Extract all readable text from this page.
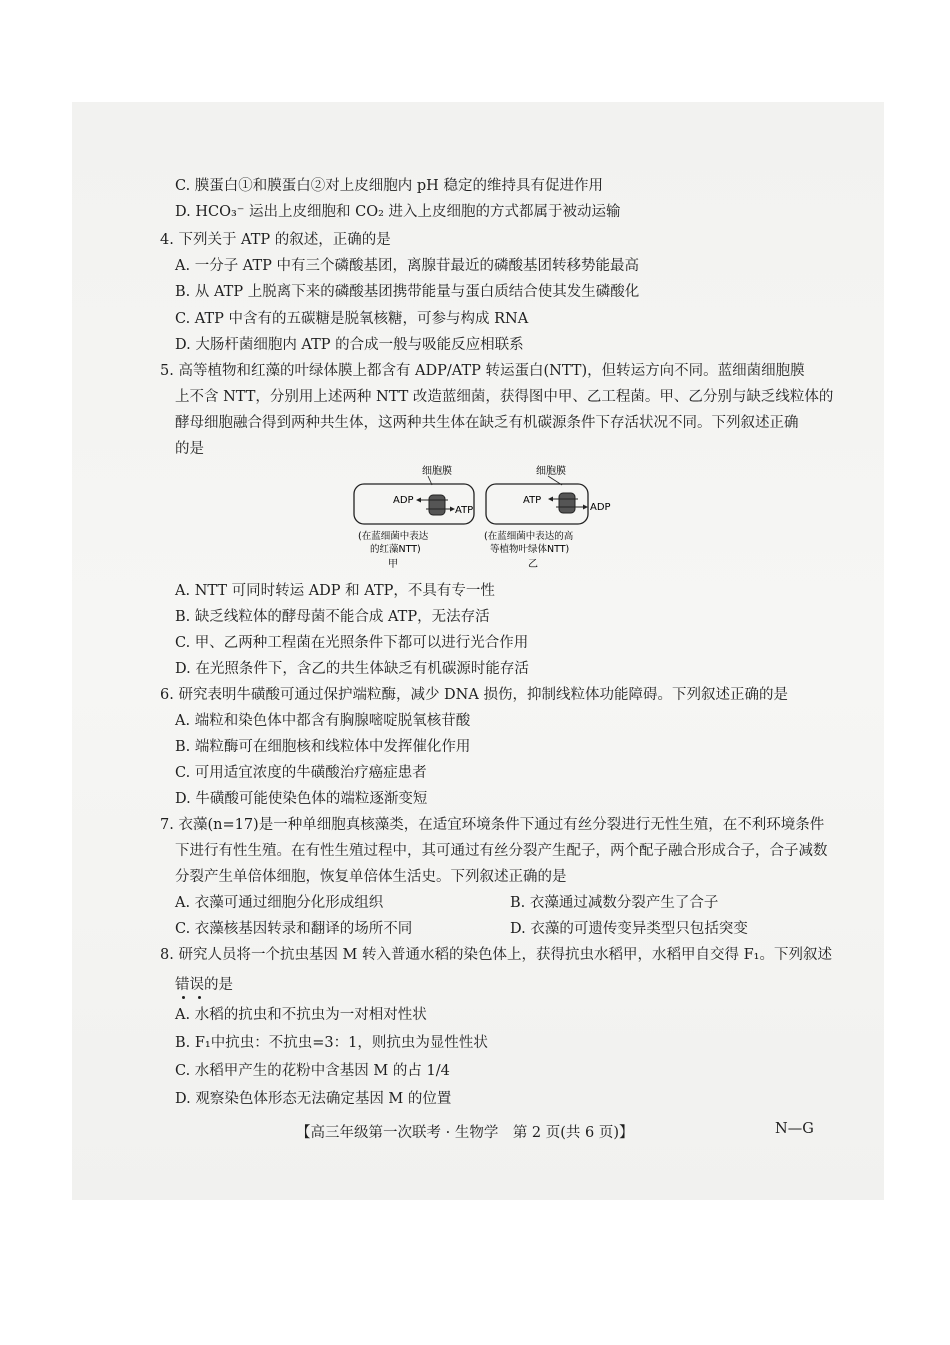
C. 膜蛋白①和膜蛋白②对上皮细胞内 pH 稳定的维持具有促进作用
D. HCO₃⁻ 运出上皮细胞和 CO₂ 进入上皮细胞的方式都属于被动运输
4. 下列关于 ATP 的叙述，正确的是
A. 一分子 ATP 中有三个磷酸基团，离腺苷最近的磷酸基团转移势能最高
B. 从 ATP 上脱离下来的磷酸基团携带能量与蛋白质结合使其发生磷酸化
C. ATP 中含有的五碳糖是脱氧核糖，可参与构成 RNA
D. 大肠杆菌细胞内 ATP 的合成一般与吸能反应相联系
5. 高等植物和红藻的叶绿体膜上都含有 ADP/ATP 转运蛋白(NTT)，但转运方向不同。蓝细菌细胞膜
上不含 NTT，分别用上述两种 NTT 改造蓝细菌，获得图中甲、乙工程菌。甲、乙分别与缺乏线粒体的
酵母细胞融合得到两种共生体，这两种共生体在缺乏有机碳源条件下存活状况不同。下列叙述正确
的是
细胞膜
ADP
ATP
(在蓝细菌中表达
的红藻NTT)
甲
细胞膜
ATP
ADP
(在蓝细菌中表达的高
等植物叶绿体NTT)
乙
A. NTT 可同时转运 ADP 和 ATP，不具有专一性
B. 缺乏线粒体的酵母菌不能合成 ATP，无法存活
C. 甲、乙两种工程菌在光照条件下都可以进行光合作用
D. 在光照条件下，含乙的共生体缺乏有机碳源时能存活
6. 研究表明牛磺酸可通过保护端粒酶，减少 DNA 损伤，抑制线粒体功能障碍。下列叙述正确的是
A. 端粒和染色体中都含有胸腺嘧啶脱氧核苷酸
B. 端粒酶可在细胞核和线粒体中发挥催化作用
C. 可用适宜浓度的牛磺酸治疗癌症患者
D. 牛磺酸可能使染色体的端粒逐渐变短
7. 衣藻(n=17)是一种单细胞真核藻类，在适宜环境条件下通过有丝分裂进行无性生殖，在不利环境条件
下进行有性生殖。在有性生殖过程中，其可通过有丝分裂产生配子，两个配子融合形成合子，合子减数
分裂产生单倍体细胞，恢复单倍体生活史。下列叙述正确的是
A. 衣藻可通过细胞分化形成组织	B. 衣藻通过减数分裂产生了合子
C. 衣藻核基因转录和翻译的场所不同	D. 衣藻的可遗传变异类型只包括突变
8. 研究人员将一个抗虫基因 M 转入普通水稻的染色体上，获得抗虫水稻甲，水稻甲自交得 F₁。下列叙述
错误的是
A. 水稻的抗虫和不抗虫为一对相对性状
B. F₁中抗虫：不抗虫=3：1，则抗虫为显性性状
C. 水稻甲产生的花粉中含基因 M 的占 1/4
D. 观察染色体形态无法确定基因 M 的位置
【高三年级第一次联考 · 生物学　第 2 页(共 6 页)】	N—G
